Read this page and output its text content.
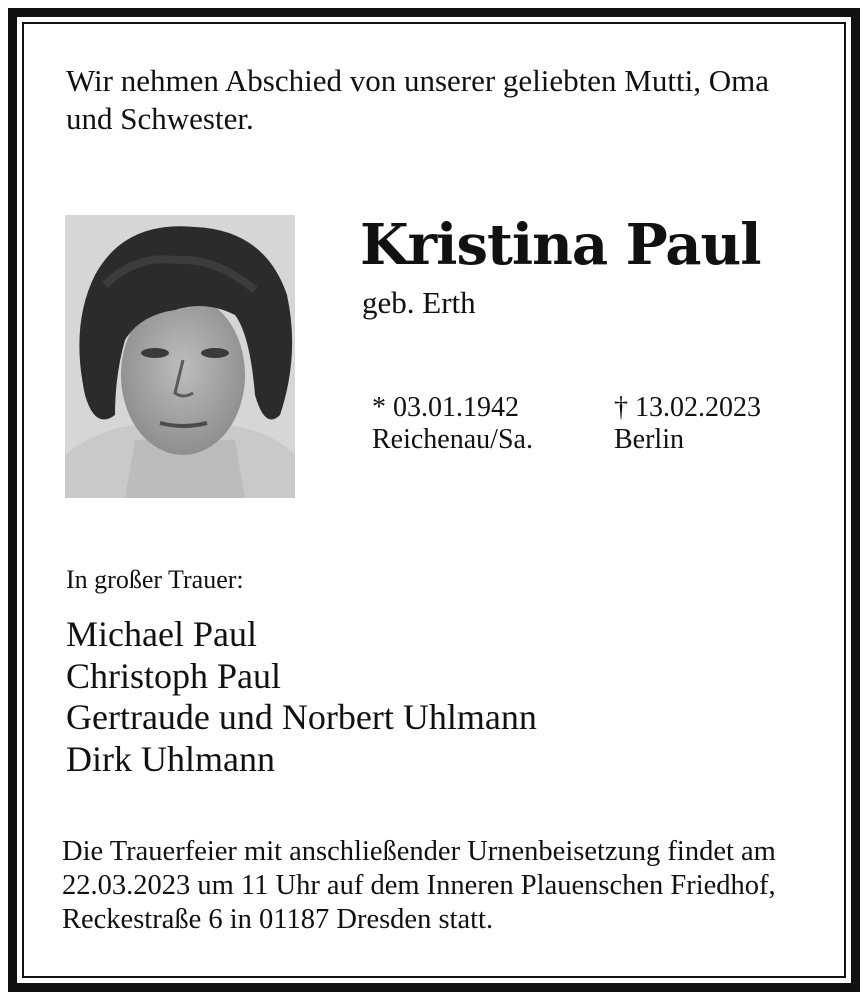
Wir nehmen Abschied von unserer geliebten Mutti, Oma und Schwester.
Kristina Paul
geb. Erth
* 03.01.1942
Reichenau/Sa.
† 13.02.2023
Berlin
In großer Trauer:
Michael Paul
Christoph Paul
Gertraude und Norbert Uhlmann
Dirk Uhlmann
Die Trauerfeier mit anschließender Urnenbeisetzung findet am 22.03.2023 um 11 Uhr auf dem Inneren Plauenschen Friedhof, Reckestraße 6 in 01187 Dresden statt.
